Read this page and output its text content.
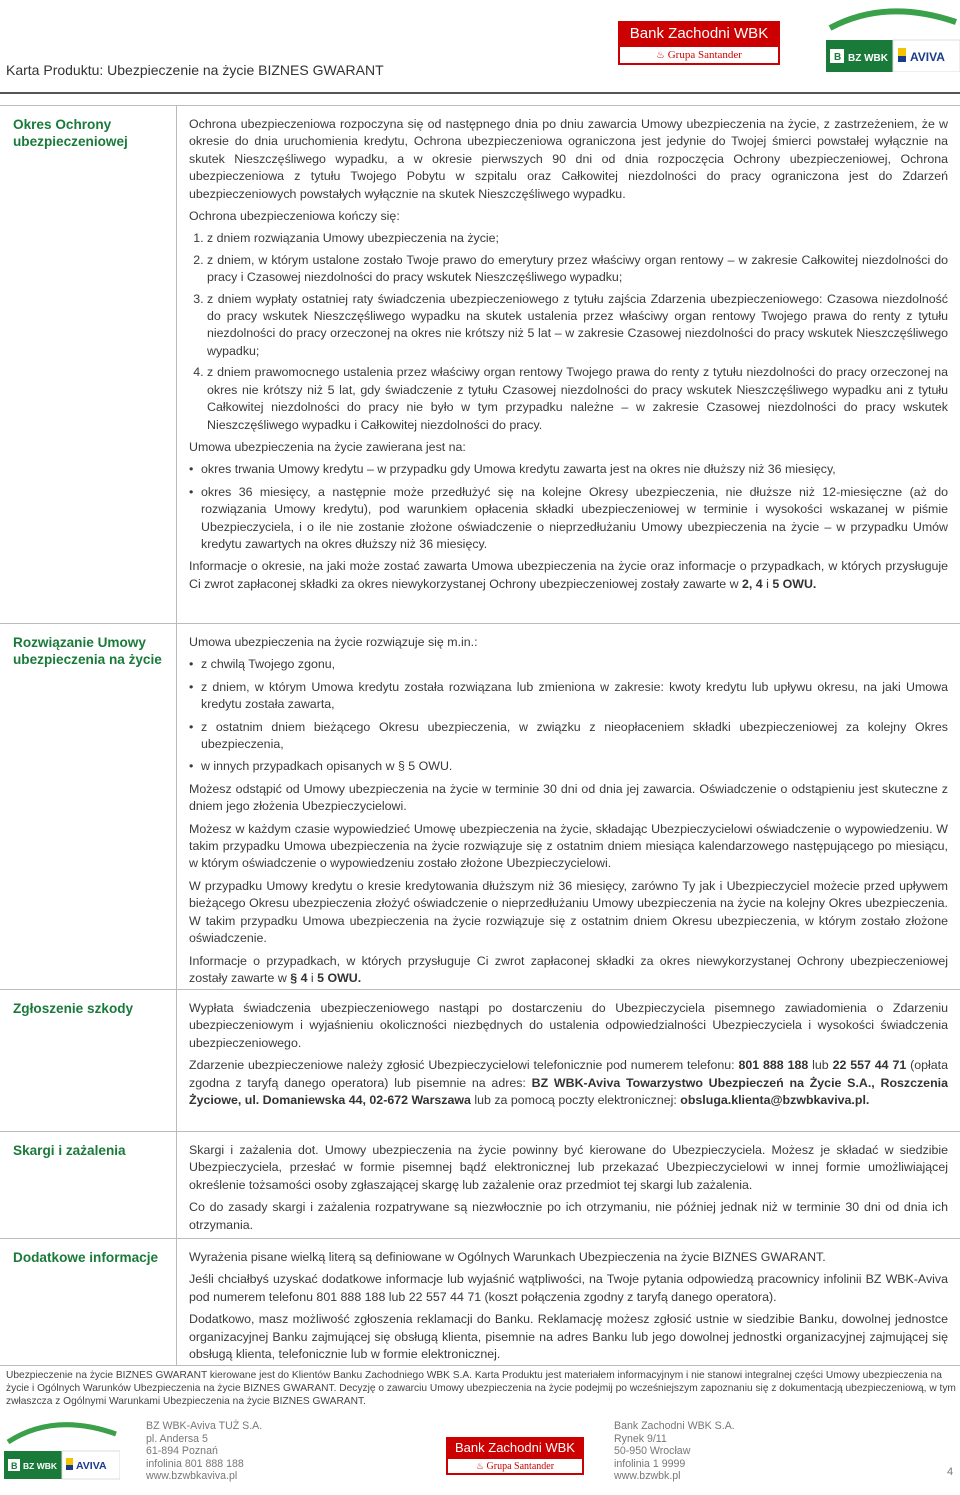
Karta Produktu: Ubezpieczenie na życie BIZNES GWARANT
Bank Zachodni WBK
♨ Grupa Santander	B BZ WBK AVIVA
Okres Ochrony ubezpieczeniowej

Ochrona ubezpieczeniowa rozpoczyna się od następnego dnia po dniu zawarcia Umowy ubezpieczenia na życie, z zastrzeżeniem, że w okresie do dnia uruchomienia kredytu, Ochrona ubezpieczeniowa ograniczona jest jedynie do Twojej śmierci powstałej wyłącznie na skutek Nieszczęśliwego wypadku, a w okresie pierwszych 90 dni od dnia rozpoczęcia Ochrony ubezpieczeniowej, Ochrona ubezpieczeniowa z tytułu Twojego Pobytu w szpitalu oraz Całkowitej niezdolności do pracy ograniczona jest do Zdarzeń ubezpieczeniowych powstałych wyłącznie na skutek Nieszczęśliwego wypadku.

Ochrona ubezpieczeniowa kończy się:

1. z dniem rozwiązania Umowy ubezpieczenia na życie;
2. z dniem, w którym ustalone zostało Twoje prawo do emerytury przez właściwy organ rentowy – w zakresie Całkowitej niezdolności do pracy i Czasowej niezdolności do pracy wskutek Nieszczęśliwego wypadku;
3. z dniem wypłaty ostatniej raty świadczenia ubezpieczeniowego z tytułu zajścia Zdarzenia ubezpieczeniowego: Czasowa niezdolność do pracy wskutek Nieszczęśliwego wypadku na skutek ustalenia przez właściwy organ rentowy Twojego prawa do renty z tytułu niezdolności do pracy orzeczonej na okres nie krótszy niż 5 lat – w zakresie Czasowej niezdolności do pracy wskutek Nieszczęśliwego wypadku;
4. z dniem prawomocnego ustalenia przez właściwy organ rentowy Twojego prawa do renty z tytułu niezdolności do pracy orzeczonej na okres nie krótszy niż 5 lat, gdy świadczenie z tytułu Czasowej niezdolności do pracy wskutek Nieszczęśliwego wypadku ani z tytułu Całkowitej niezdolności do pracy nie było w tym przypadku należne – w zakresie Czasowej niezdolności do pracy wskutek Nieszczęśliwego wypadku i Całkowitej niezdolności do pracy.

Umowa ubezpieczenia na życie zawierana jest na:

• okres trwania Umowy kredytu – w przypadku gdy Umowa kredytu zawarta jest na okres nie dłuższy niż 36 miesięcy,
• okres 36 miesięcy, a następnie może przedłużyć się na kolejne Okresy ubezpieczenia, nie dłuższe niż 12-miesięczne (aż do rozwiązania Umowy kredytu), pod warunkiem opłacenia składki ubezpieczeniowej w terminie i wysokości wskazanej w piśmie Ubezpieczyciela, i o ile nie zostanie złożone oświadczenie o nieprzedłużaniu Umowy ubezpieczenia na życie – w przypadku Umów kredytu zawartych na okres dłuższy niż 36 miesięcy.

Informacje o okresie, na jaki może zostać zawarta Umowa ubezpieczenia na życie oraz informacje o przypadkach, w których przysługuje Ci zwrot zapłaconej składki za okres niewykorzystanej Ochrony ubezpieczeniowej zostały zawarte w 2, 4 i 5 OWU.

Rozwiązanie Umowy ubezpieczenia na życie

Umowa ubezpieczenia na życie rozwiązuje się m.in.:

• z chwilą Twojego zgonu,
• z dniem, w którym Umowa kredytu została rozwiązana lub zmieniona w zakresie: kwoty kredytu lub upływu okresu, na jaki Umowa kredytu została zawarta,
• z ostatnim dniem bieżącego Okresu ubezpieczenia, w związku z nieopłaceniem składki ubezpieczeniowej za kolejny Okres ubezpieczenia,
• w innych przypadkach opisanych w § 5 OWU.

Możesz odstąpić od Umowy ubezpieczenia na życie w terminie 30 dni od dnia jej zawarcia. Oświadczenie o odstąpieniu jest skuteczne z dniem jego złożenia Ubezpieczycielowi.

Możesz w każdym czasie wypowiedzieć Umowę ubezpieczenia na życie, składając Ubezpieczycielowi oświadczenie o wypowiedzeniu. W takim przypadku Umowa ubezpieczenia na życie rozwiązuje się z ostatnim dniem miesiąca kalendarzowego następującego po miesiącu, w którym oświadczenie o wypowiedzeniu zostało złożone Ubezpieczycielowi.

W przypadku Umowy kredytu o kresie kredytowania dłuższym niż 36 miesięcy, zarówno Ty jak i Ubezpieczyciel możecie przed upływem bieżącego Okresu ubezpieczenia złożyć oświadczenie o nieprzedłużaniu Umowy ubezpieczenia na życie na kolejny Okres ubezpieczenia. W takim przypadku Umowa ubezpieczenia na życie rozwiązuje się z ostatnim dniem Okresu ubezpieczenia, w którym zostało złożone oświadczenie.

Informacje o przypadkach, w których przysługuje Ci zwrot zapłaconej składki za okres niewykorzystanej Ochrony ubezpieczeniowej zostały zawarte w § 4 i 5 OWU.

Zgłoszenie szkody	Wypłata świadczenia ubezpieczeniowego nastąpi po dostarczeniu do Ubezpieczyciela pisemnego zawiadomienia o Zdarzeniu ubezpieczeniowym i wyjaśnieniu okoliczności niezbędnych do ustalenia odpowiedzialności Ubezpieczyciela i wysokości świadczenia ubezpieczeniowego.

Zdarzenie ubezpieczeniowe należy zgłosić Ubezpieczycielowi telefonicznie pod numerem telefonu: 801 888 188 lub 22 557 44 71 (opłata zgodna z taryfą danego operatora) lub pisemnie na adres: BZ WBK-Aviva Towarzystwo Ubezpieczeń na Życie S.A., Roszczenia Życiowe, ul. Domaniewska 44, 02-672 Warszawa lub za pomocą poczty elektronicznej: obsluga.klienta@bzwbkaviva.pl.

Skargi i zażalenia	Skargi i zażalenia dot. Umowy ubezpieczenia na życie powinny być kierowane do Ubezpieczyciela. Możesz je składać w siedzibie Ubezpieczyciela, przesłać w formie pisemnej bądź elektronicznej lub przekazać Ubezpieczycielowi w innej formie umożliwiającej określenie tożsamości osoby zgłaszającej skargę lub zażalenie oraz przedmiot tej skargi lub zażalenia.

Co do zasady skargi i zażalenia rozpatrywane są niezwłocznie po ich otrzymaniu, nie później jednak niż w terminie 30 dni od dnia ich otrzymania.

Dodatkowe informacje	Wyrażenia pisane wielką literą są definiowane w Ogólnych Warunkach Ubezpieczenia na życie BIZNES GWARANT.

Jeśli chciałbyś uzyskać dodatkowe informacje lub wyjaśnić wątpliwości, na Twoje pytania odpowiedzą pracownicy infolinii BZ WBK-Aviva pod numerem telefonu 801 888 188 lub 22 557 44 71 (koszt połączenia zgodny z taryfą danego operatora).

Dodatkowo, masz możliwość zgłoszenia reklamacji do Banku. Reklamację możesz zgłosić ustnie w siedzibie Banku, dowolnej jednostce organizacyjnej Banku zajmującej się obsługą klienta, pisemnie na adres Banku lub jego dowolnej jednostki organizacyjnej zajmującej się obsługą klienta, telefonicznie lub w formie elektronicznej.

Ubezpieczenie na życie BIZNES GWARANT kierowane jest do Klientów Banku Zachodniego WBK S.A. Karta Produktu jest materiałem informacyjnym i nie stanowi integralnej części Umowy ubezpieczenia na życie i Ogólnych Warunków Ubezpieczenia na życie BIZNES GWARANT. Decyzję o zawarciu Umowy ubezpieczenia na życie podejmij po wcześniejszym zapoznaniu się z dokumentacją ubezpieczeniową, w tym zwłaszcza z Ogólnymi Warunkami Ubezpieczenia na życie BIZNES GWARANT.
B BZ WBK AVIVA
BZ WBK-Aviva TUŻ S.A.
pl. Andersa 5
61-894 Poznań
infolinia 801 888 188
www.bzwbkaviva.pl
Bank Zachodni WBK
♨ Grupa Santander
Bank Zachodni WBK S.A.
Rynek 9/11
50-950 Wrocław
infolinia 1 9999
www.bzwbk.pl	4
